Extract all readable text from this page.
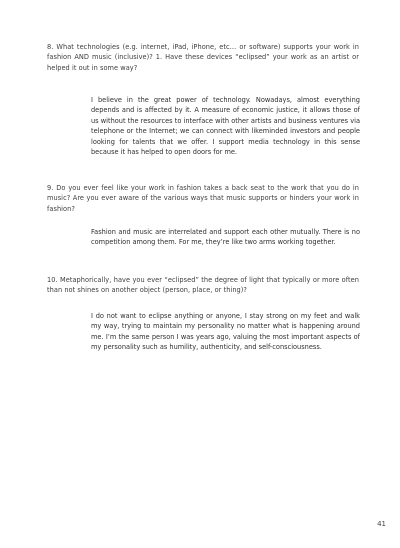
8. What technologies (e.g. internet, iPad, iPhone, etc… or software) supports your work in fashion AND music (inclusive)? 1. Have these devices “eclipsed” your work as an artist or helped it out in some way?

I believe in the great power of technology. Nowadays, almost everything depends and is affected by it. A measure of economic justice, it allows those of us without the resources to interface with other artists and business ventures via telephone or the Internet; we can connect with likeminded investors and people looking for talents that we offer. I support media technology in this sense because it has helped to open doors for me.

9. Do you ever feel like your work in fashion takes a back seat to the work that you do in music? Are you ever aware of the various ways that music supports or hinders your work in fashion?

Fashion and music are interrelated and support each other mutually. There is no competition among them. For me, they’re like two arms working together.

10. Metaphorically, have you ever “eclipsed” the degree of light that typically or more often than not shines on another object (person, place, or thing)?

I do not want to eclipse anything or anyone, I stay strong on my feet and walk my way, trying to maintain my personality no matter what is happening around me. I’m the same person I was years ago, valuing the most important aspects of my personality such as humility, authenticity, and self-consciousness.

41
